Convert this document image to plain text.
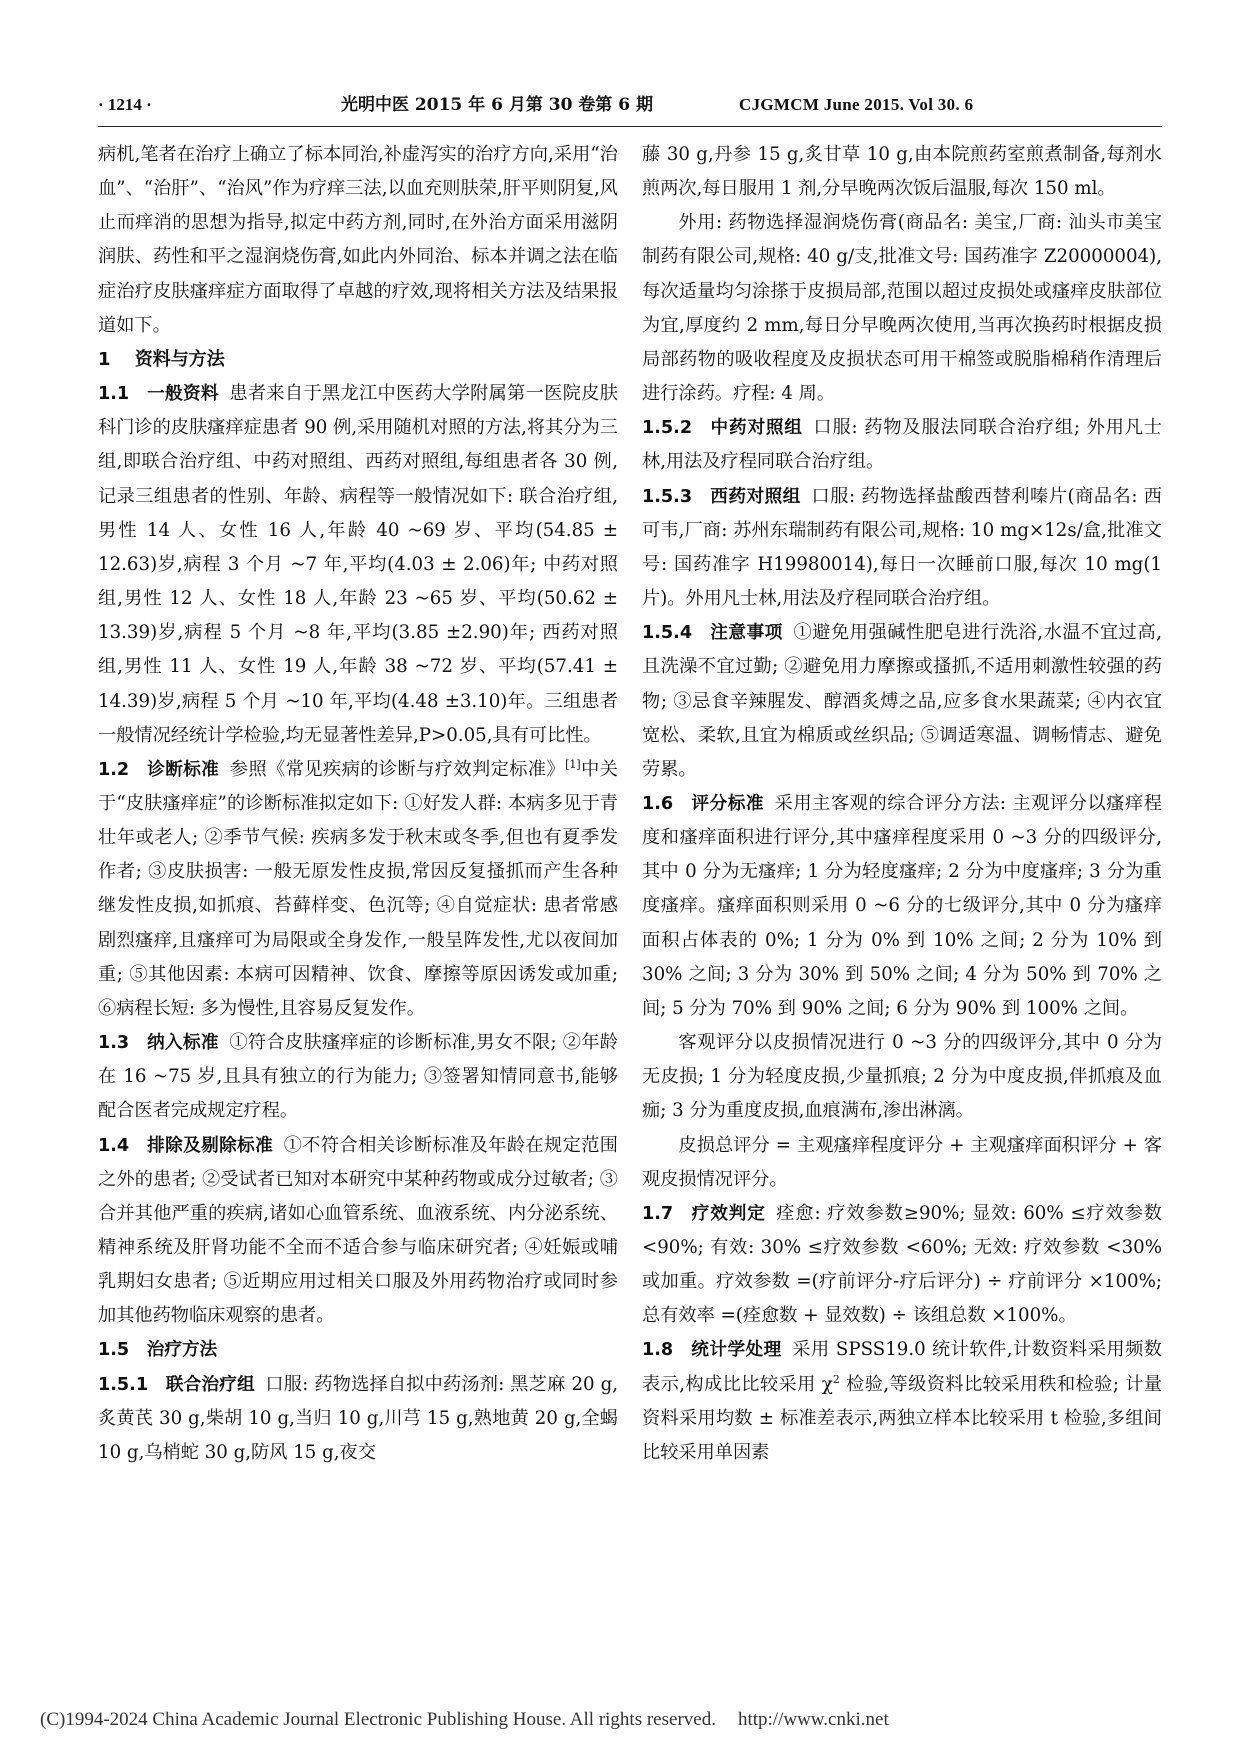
· 1214 ·	光明中医 2015 年 6 月第 30 卷第 6 期	CJGMCM June 2015. Vol 30. 6

病机,笔者在治疗上确立了标本同治,补虚泻实的治疗方向,采用“治血”、“治肝”、“治风”作为疗痒三法,以血充则肤荣,肝平则阴复,风止而痒消的思想为指导,拟定中药方剂,同时,在外治方面采用滋阴润肤、药性和平之湿润烧伤膏,如此内外同治、标本并调之法在临症治疗皮肤瘙痒症方面取得了卓越的疗效,现将相关方法及结果报道如下。

1 资料与方法

1.1 一般资料 患者来自于黑龙江中医药大学附属第一医院皮肤科门诊的皮肤瘙痒症患者 90 例,采用随机对照的方法,将其分为三组,即联合治疗组、中药对照组、西药对照组,每组患者各 30 例,记录三组患者的性别、年龄、病程等一般情况如下: 联合治疗组,男性 14 人、女性 16 人,年龄 40 ~69 岁、平均(54.85 ± 12.63)岁,病程 3 个月 ~7 年,平均(4.03 ± 2.06)年; 中药对照组,男性 12 人、女性 18 人,年龄 23 ~65 岁、平均(50.62 ± 13.39)岁,病程 5 个月 ~8 年,平均(3.85 ±2.90)年; 西药对照组,男性 11 人、女性 19 人,年龄 38 ~72 岁、平均(57.41 ± 14.39)岁,病程 5 个月 ~10 年,平均(4.48 ±3.10)年。三组患者一般情况经统计学检验,均无显著性差异,P>0.05,具有可比性。

1.2 诊断标准 参照《常见疾病的诊断与疗效判定标准》[1]中关于“皮肤瘙痒症”的诊断标准拟定如下: ①好发人群: 本病多见于青壮年或老人; ②季节气候: 疾病多发于秋末或冬季,但也有夏季发作者; ③皮肤损害: 一般无原发性皮损,常因反复搔抓而产生各种继发性皮损,如抓痕、苔藓样变、色沉等; ④自觉症状: 患者常感剧烈瘙痒,且瘙痒可为局限或全身发作,一般呈阵发性,尤以夜间加重; ⑤其他因素: 本病可因精神、饮食、摩擦等原因诱发或加重; ⑥病程长短: 多为慢性,且容易反复发作。

1.3 纳入标准 ①符合皮肤瘙痒症的诊断标准,男女不限; ②年龄在 16 ~75 岁,且具有独立的行为能力; ③签署知情同意书,能够配合医者完成规定疗程。

1.4 排除及剔除标准 ①不符合相关诊断标准及年龄在规定范围之外的患者; ②受试者已知对本研究中某种药物或成分过敏者; ③合并其他严重的疾病,诸如心血管系统、血液系统、内分泌系统、精神系统及肝肾功能不全而不适合参与临床研究者; ④妊娠或哺乳期妇女患者; ⑤近期应用过相关口服及外用药物治疗或同时参加其他药物临床观察的患者。

1.5 治疗方法

1.5.1 联合治疗组 口服: 药物选择自拟中药汤剂: 黑芝麻 20 g,炙黄芪 30 g,柴胡 10 g,当归 10 g,川芎 15 g,熟地黄 20 g,全蝎 10 g,乌梢蛇 30 g,防风 15 g,夜交

藤 30 g,丹参 15 g,炙甘草 10 g,由本院煎药室煎煮制备,每剂水煎两次,每日服用 1 剂,分早晚两次饭后温服,每次 150 ml。

外用: 药物选择湿润烧伤膏(商品名: 美宝,厂商: 汕头市美宝制药有限公司,规格: 40 g/支,批准文号: 国药准字 Z20000004),每次适量均匀涂搽于皮损局部,范围以超过皮损处或瘙痒皮肤部位为宜,厚度约 2 mm,每日分早晚两次使用,当再次换药时根据皮损局部药物的吸收程度及皮损状态可用干棉签或脱脂棉稍作清理后进行涂药。疗程: 4 周。

1.5.2 中药对照组 口服: 药物及服法同联合治疗组; 外用凡士林,用法及疗程同联合治疗组。

1.5.3 西药对照组 口服: 药物选择盐酸西替利嗪片(商品名: 西可韦,厂商: 苏州东瑞制药有限公司,规格: 10 mg×12s/盒,批准文号: 国药准字 H19980014),每日一次睡前口服,每次 10 mg(1 片)。外用凡士林,用法及疗程同联合治疗组。

1.5.4 注意事项 ①避免用强碱性肥皂进行洗浴,水温不宜过高,且洗澡不宜过勤; ②避免用力摩擦或搔抓,不适用刺激性较强的药物; ③忌食辛辣腥发、醇酒炙煿之品,应多食水果蔬菜; ④内衣宜宽松、柔软,且宜为棉质或丝织品; ⑤调适寒温、调畅情志、避免劳累。

1.6 评分标准 采用主客观的综合评分方法: 主观评分以瘙痒程度和瘙痒面积进行评分,其中瘙痒程度采用 0 ~3 分的四级评分,其中 0 分为无瘙痒; 1 分为轻度瘙痒; 2 分为中度瘙痒; 3 分为重度瘙痒。瘙痒面积则采用 0 ~6 分的七级评分,其中 0 分为瘙痒面积占体表的 0%; 1 分为 0% 到 10% 之间; 2 分为 10% 到 30% 之间; 3 分为 30% 到 50% 之间; 4 分为 50% 到 70% 之间; 5 分为 70% 到 90% 之间; 6 分为 90% 到 100% 之间。

客观评分以皮损情况进行 0 ~3 分的四级评分,其中 0 分为无皮损; 1 分为轻度皮损,少量抓痕; 2 分为中度皮损,伴抓痕及血痂; 3 分为重度皮损,血痕满布,渗出淋漓。

皮损总评分 = 主观瘙痒程度评分 + 主观瘙痒面积评分 + 客观皮损情况评分。

1.7 疗效判定 痊愈: 疗效参数≥90%; 显效: 60% ≤疗效参数 <90%; 有效: 30% ≤疗效参数 <60%; 无效: 疗效参数 <30% 或加重。疗效参数 =(疗前评分-疗后评分) ÷ 疗前评分 ×100%; 总有效率 =(痊愈数 + 显效数) ÷ 该组总数 ×100%。

1.8 统计学处理 采用 SPSS19.0 统计软件,计数资料采用频数表示,构成比比较采用 $\chi^2$ 检验,等级资料比较采用秩和检验; 计量资料采用均数 ± 标准差表示,两独立样本比较采用 t 检验,多组间比较采用单因素

(C)1994-2024 China Academic Journal Electronic Publishing House. All rights reserved. http://www.cnki.net
